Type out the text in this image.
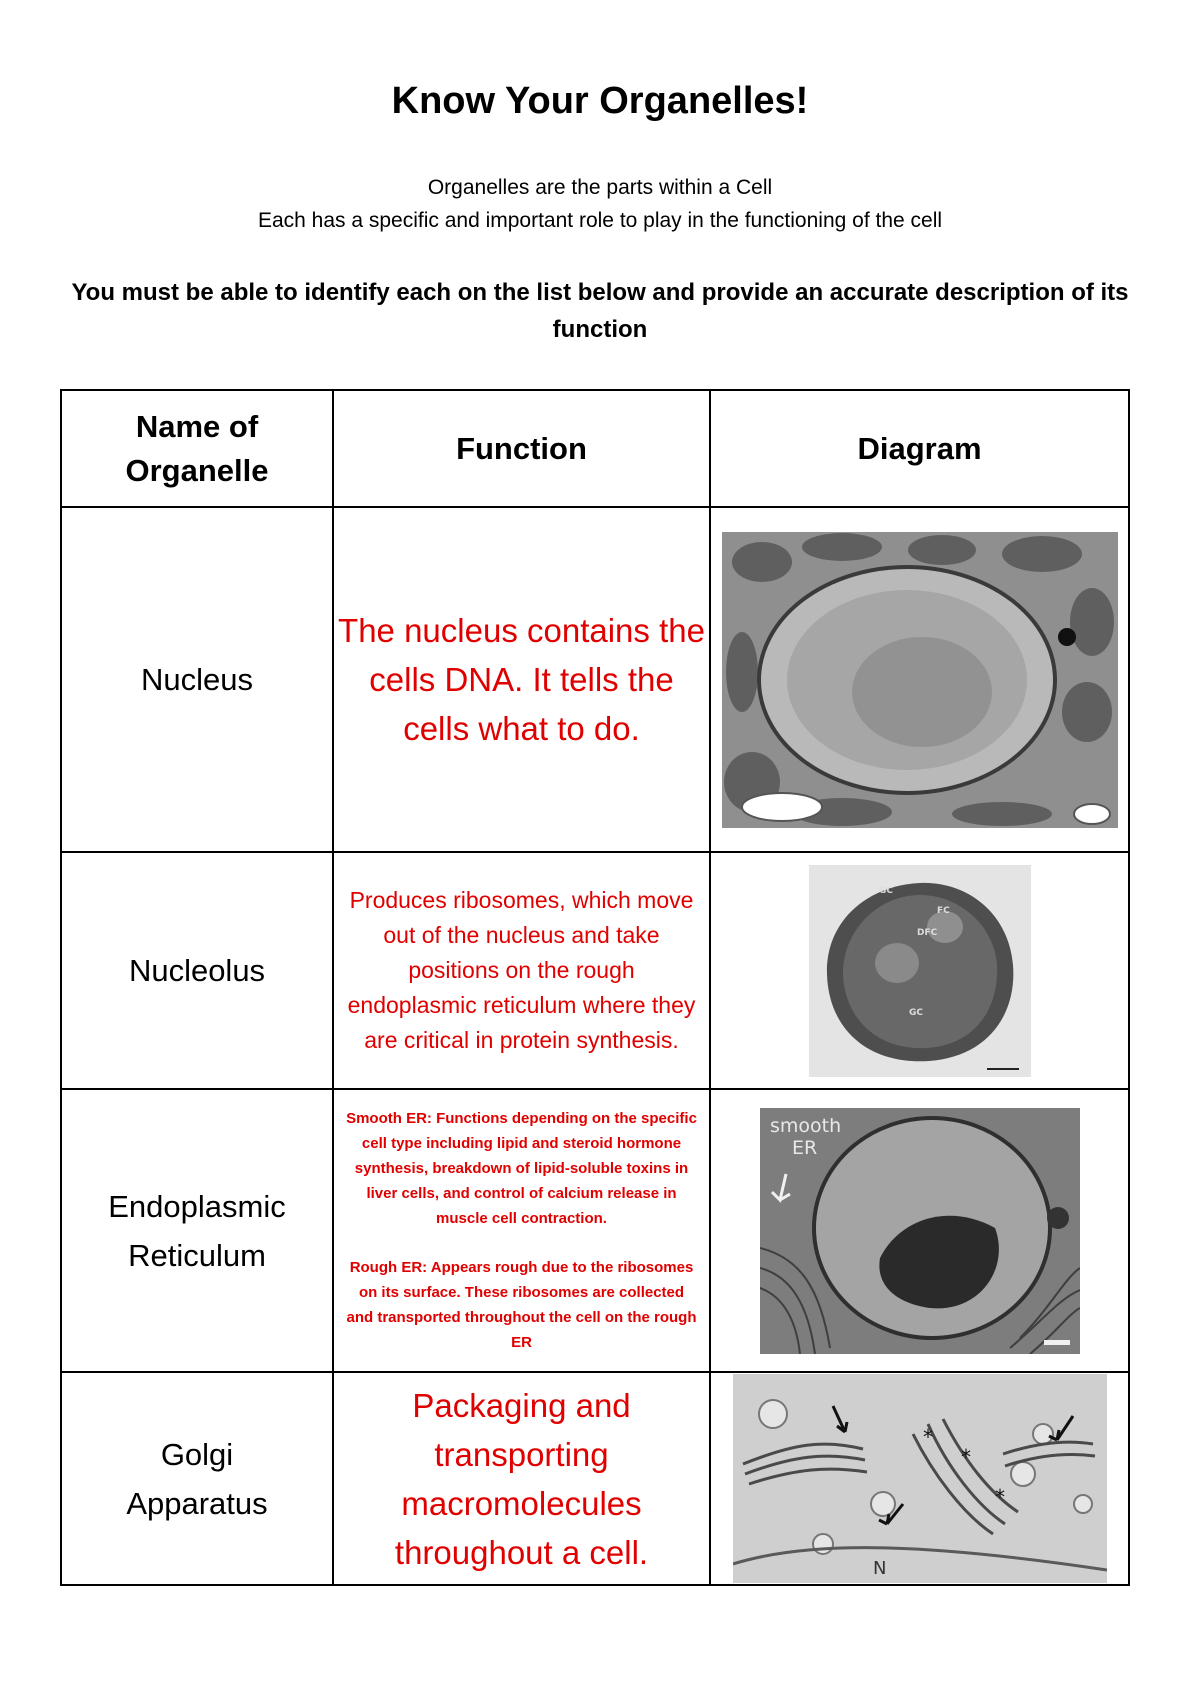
Know Your Organelles!

Organelles are the parts within a Cell

Each has a specific and important role to play in the functioning of the cell

You must be able to identify each on the list below and provide an accurate description of its function

Name of Organelle	Function	Diagram
Nucleus	The nucleus contains the cells DNA. It tells the cells what to do.

Nucleolus	Produces ribosomes, which move out of the nucleus and take positions on the rough endoplasmic reticulum where they are critical in protein synthesis.	GC
FC
DFC
GC

Endoplasmic Reticulum	Smooth ER: Functions depending on the specific cell type including lipid and steroid hormone synthesis, breakdown of lipid-soluble toxins in liver cells, and control of calcium release in muscle cell contraction.

Rough ER: Appears rough due to the ribosomes on its surface. These ribosomes are collected and transported throughout the cell on the rough ER	smooth ER

Golgi Apparatus	Packaging and transporting macromolecules throughout a cell.	*
*
*
N
